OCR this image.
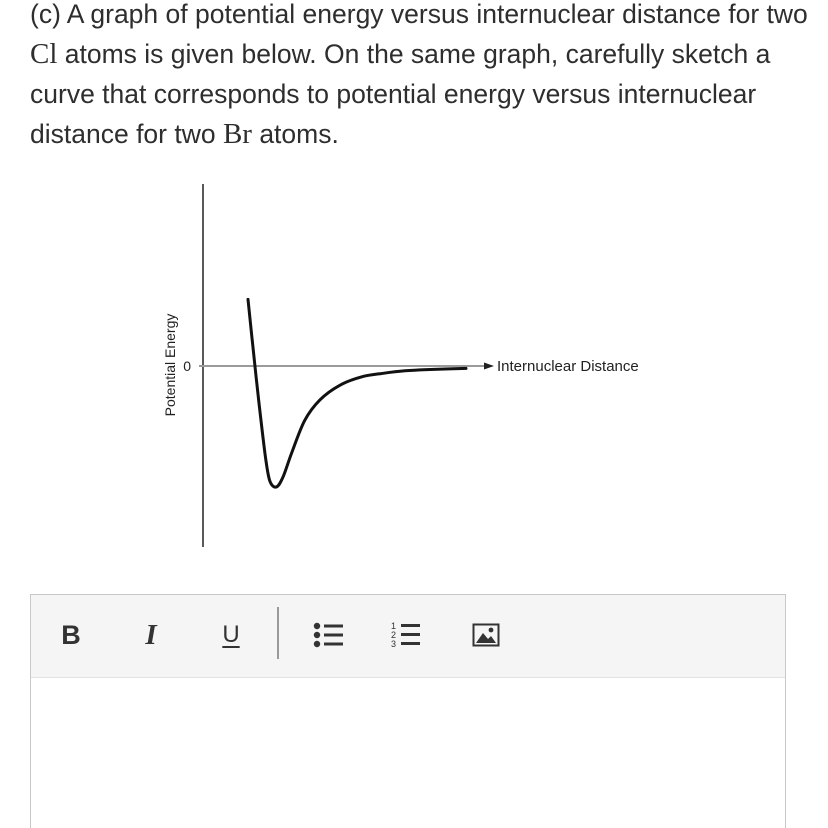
(c) A graph of potential energy versus internuclear distance for two Cl atoms is given below. On the same graph, carefully sketch a curve that corresponds to potential energy versus internuclear distance for two Br atoms.
0
Potential Energy	Internuclear Distance
B	I	U	1
2
3
